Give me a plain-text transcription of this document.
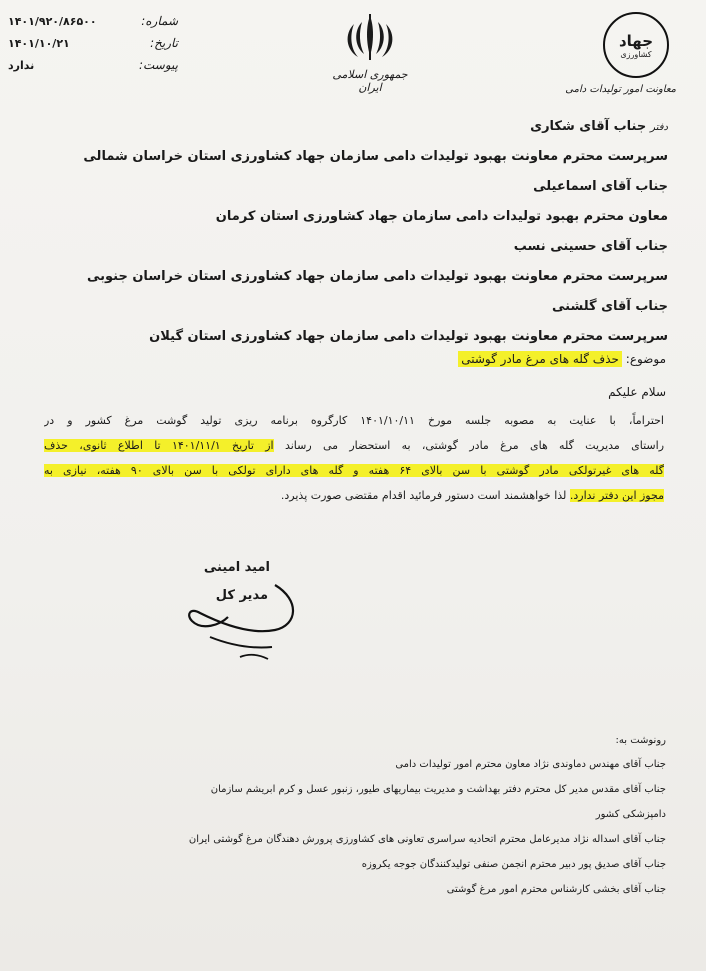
۱۴۰۱/۹۲۰/۸۶۵۰۰	شماره:
۱۴۰۱/۱۰/۲۱	تاریخ:
ندارد	پیوست:
جمهوری اسلامی ایران
جهاد
کشاورزی
معاونت امور تولیدات دامی
دفترجناب آقای شکاری
سرپرست محترم معاونت بهبود تولیدات دامی سازمان جهاد کشاورزی استان خراسان شمالی
جناب آقای اسماعیلی
معاون محترم بهبود تولیدات دامی سازمان جهاد کشاورزی استان کرمان
جناب آقای حسینی نسب
سرپرست محترم معاونت بهبود تولیدات دامی سازمان جهاد کشاورزی استان خراسان جنوبی
جناب آقای گلشنی
سرپرست محترم معاونت بهبود تولیدات دامی سازمان جهاد کشاورزی استان گیلان
موضوع: حذف گله های مرغ مادر گوشتی
سلام علیکم
احتراماً، با عنایت به مصوبه جلسه مورخ ۱۴۰۱/۱۰/۱۱ کارگروه برنامه ریزی تولید گوشت مرغ کشور و در
راستای مدیریت گله های مرغ مادر گوشتی، به استحضار می رساند از تاریخ ۱۴۰۱/۱۱/۱ تا اطلاع ثانوی، حذف
گله های غیرتولکی مادر گوشتی با سن بالای ۶۴ هفته و گله های دارای تولکی با سن بالای ۹۰ هفته، نیازی به
مجوز این دفتر ندارد. لذا خواهشمند است دستور فرمائید اقدام مقتضی صورت پذیرد.
امید امینی
مدیر کل
رونوشت به:
جناب آقای مهندس دماوندی نژاد معاون محترم امور تولیدات دامی
جناب آقای مقدس مدیر کل محترم دفتر بهداشت و مدیریت بیماریهای طیور، زنبور عسل و کرم ابریشم سازمان
دامپزشکی کشور
جناب آقای اسداله نژاد مدیرعامل محترم اتحادیه سراسری تعاونی های کشاورزی پرورش دهندگان مرغ گوشتی ایران
جناب آقای صدیق پور دبیر محترم انجمن صنفی تولیدکنندگان جوجه یکروزه
جناب آقای بخشی کارشناس محترم امور مرغ گوشتی
